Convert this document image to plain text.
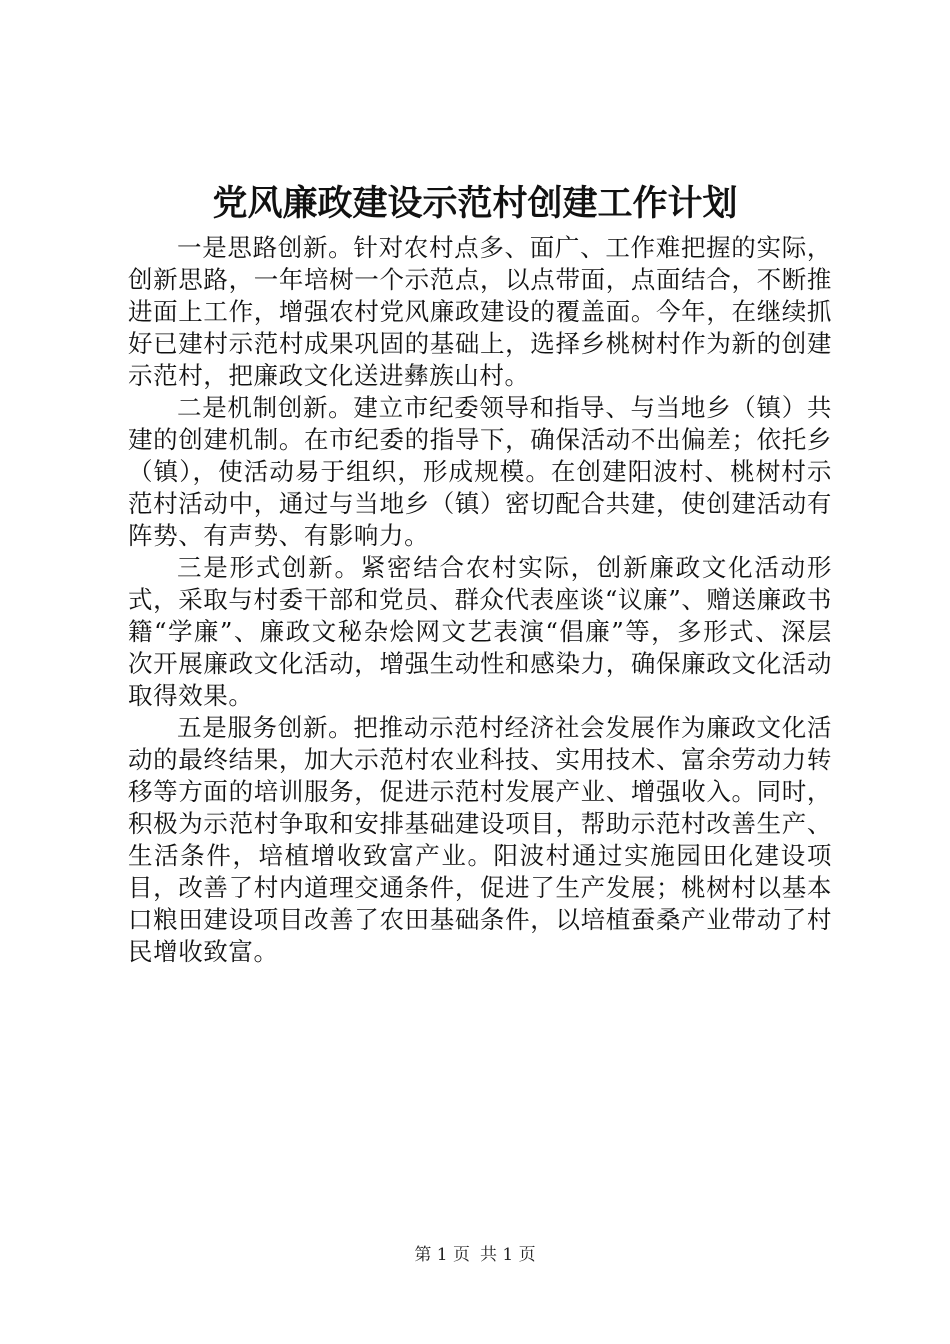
党风廉政建设示范村创建工作计划

一是思路创新。针对农村点多、面广、工作难把握的实际，创新思路，一年培树一个示范点，以点带面，点面结合，不断推进面上工作，增强农村党风廉政建设的覆盖面。今年，在继续抓好已建村示范村成果巩固的基础上，选择乡桃树村作为新的创建示范村，把廉政文化送进彝族山村。

二是机制创新。建立市纪委领导和指导、与当地乡（镇）共建的创建机制。在市纪委的指导下，确保活动不出偏差；依托乡（镇），使活动易于组织，形成规模。在创建阳波村、桃树村示范村活动中，通过与当地乡（镇）密切配合共建，使创建活动有阵势、有声势、有影响力。

三是形式创新。紧密结合农村实际，创新廉政文化活动形式，采取与村委干部和党员、群众代表座谈“议廉”、赠送廉政书籍“学廉”、廉政文秘杂烩网文艺表演“倡廉”等，多形式、深层次开展廉政文化活动，增强生动性和感染力，确保廉政文化活动取得效果。

五是服务创新。把推动示范村经济社会发展作为廉政文化活动的最终结果，加大示范村农业科技、实用技术、富余劳动力转移等方面的培训服务，促进示范村发展产业、增强收入。同时，积极为示范村争取和安排基础建设项目，帮助示范村改善生产、生活条件，培植增收致富产业。阳波村通过实施园田化建设项目，改善了村内道理交通条件，促进了生产发展；桃树村以基本口粮田建设项目改善了农田基础条件，以培植蚕桑产业带动了村民增收致富。

第 1 页 共 1 页
